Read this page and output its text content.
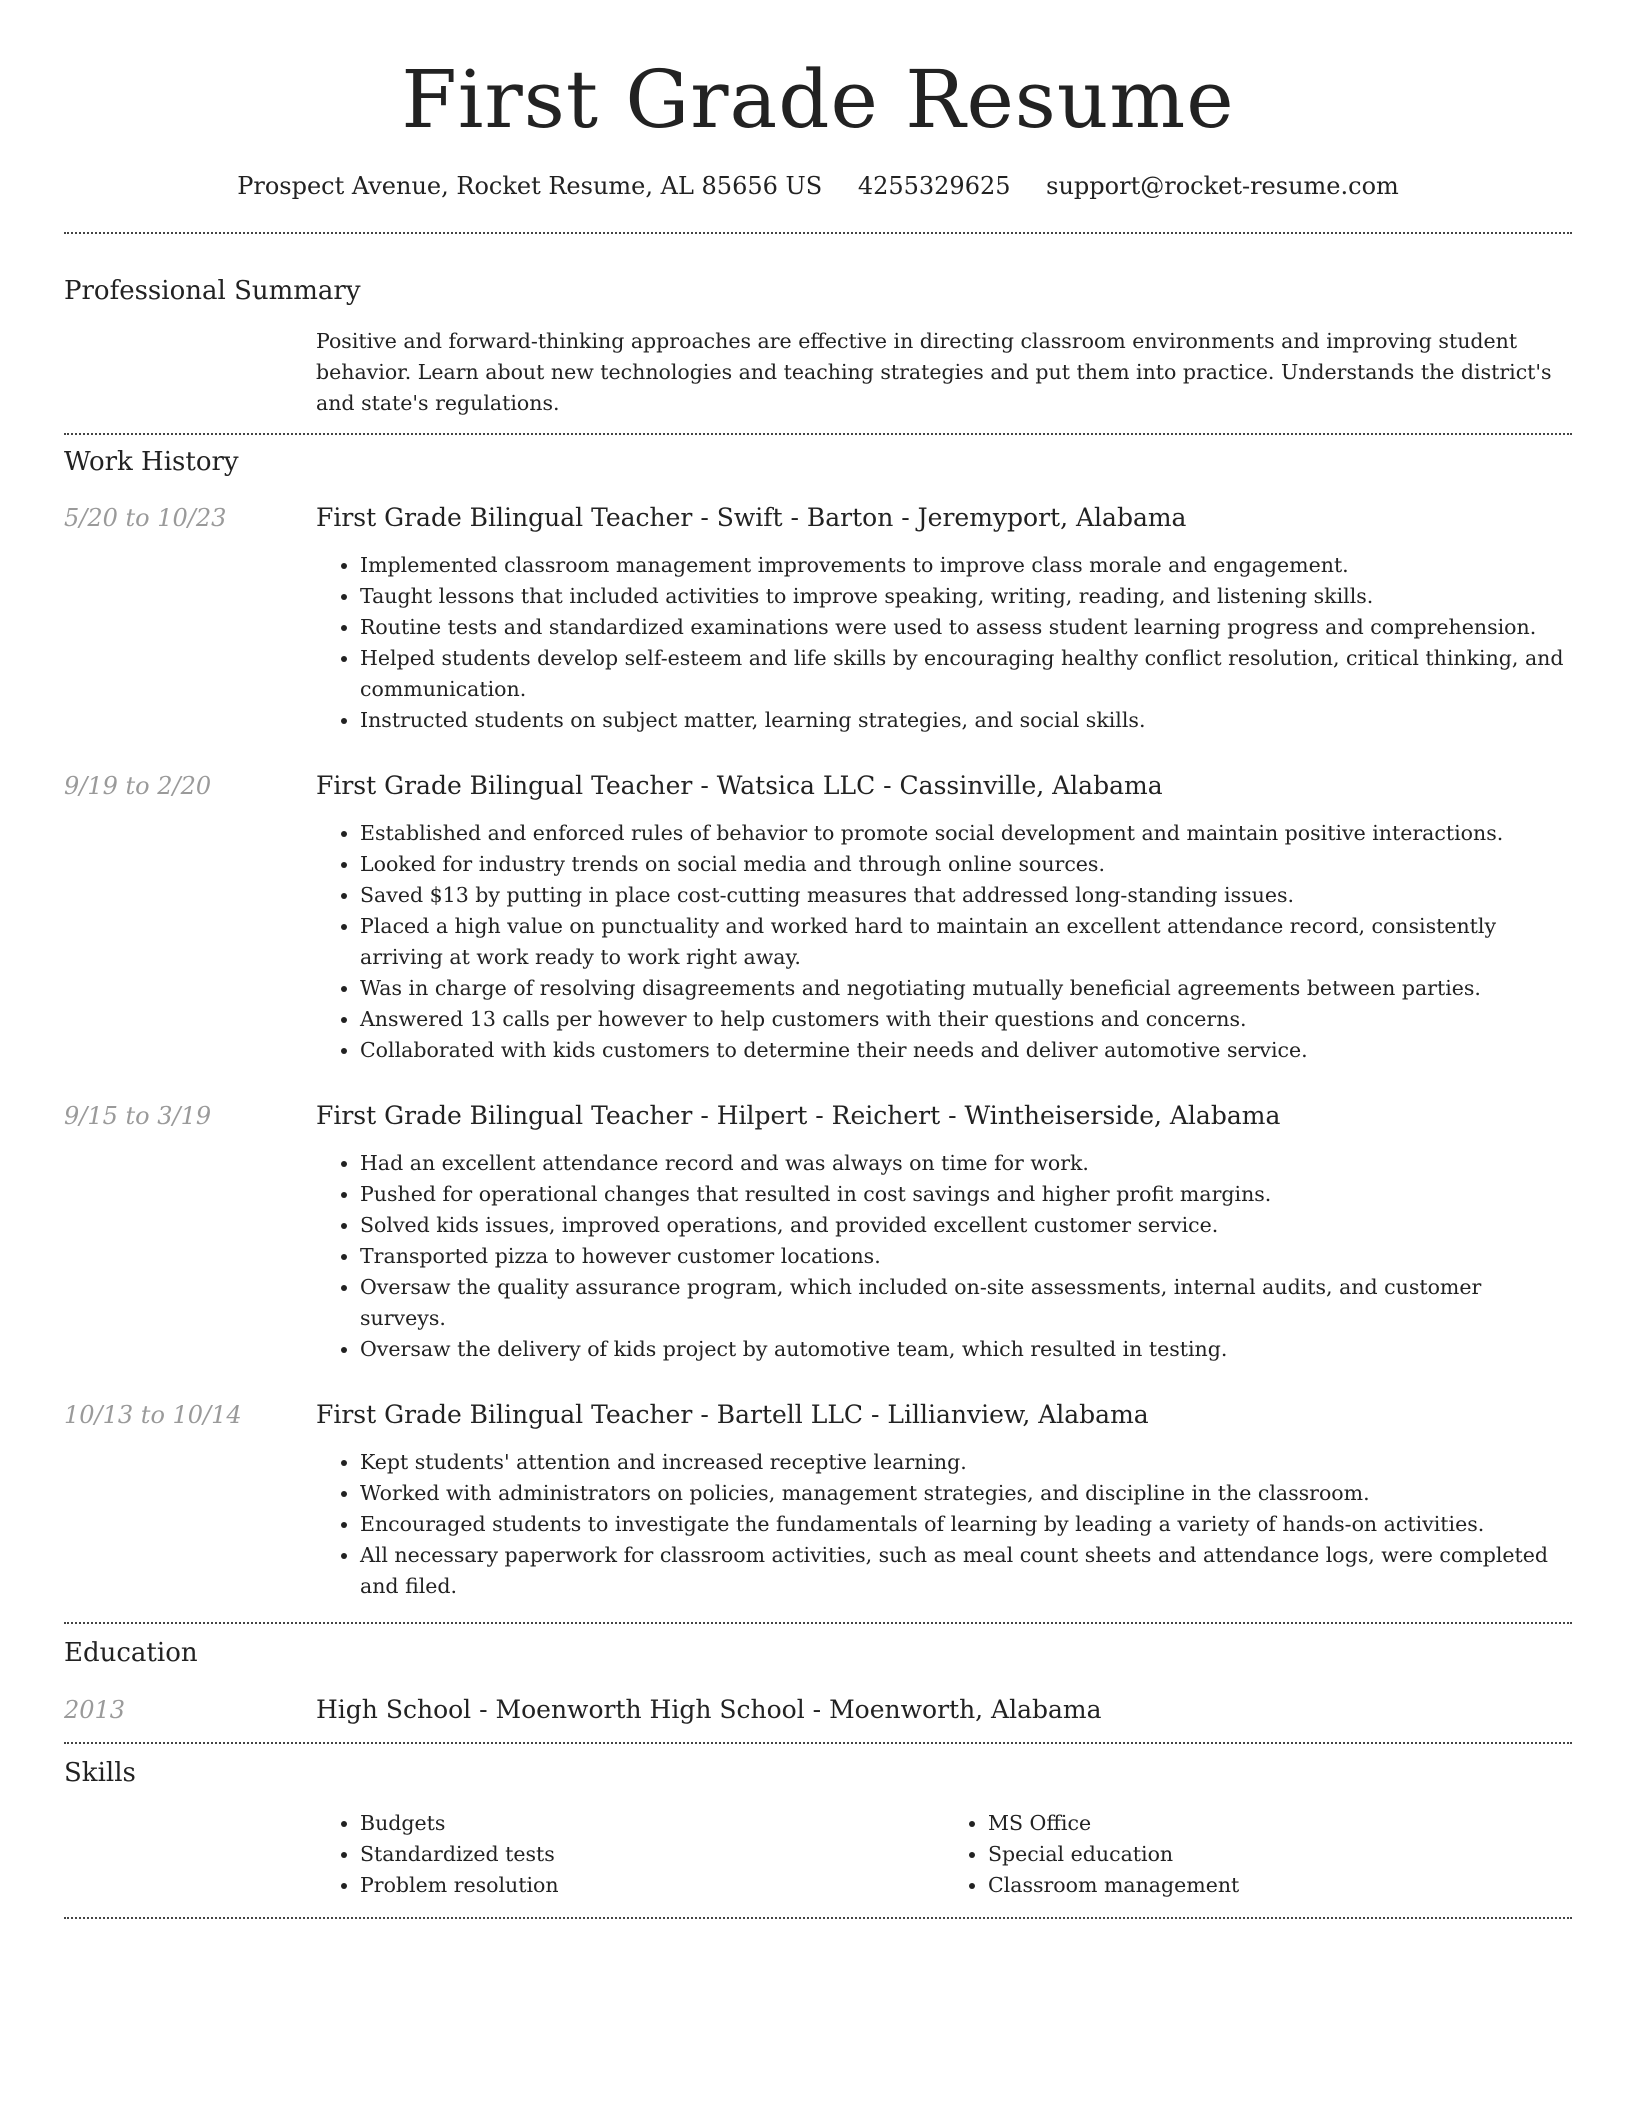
First Grade Resume
Prospect Avenue, Rocket Resume, AL 85656 US 4255329625 support@rocket-resume.com
Professional Summary
Positive and forward-thinking approaches are effective in directing classroom environments and improving student behavior. Learn about new technologies and teaching strategies and put them into practice. Understands the district's and state's regulations.
Work History
5/20 to 10/23	First Grade Bilingual Teacher - Swift - Barton - Jeremyport, Alabama
• Implemented classroom management improvements to improve class morale and engagement.
• Taught lessons that included activities to improve speaking, writing, reading, and listening skills.
• Routine tests and standardized examinations were used to assess student learning progress and comprehension.
• Helped students develop self-esteem and life skills by encouraging healthy conflict resolution, critical thinking, and communication.
• Instructed students on subject matter, learning strategies, and social skills.
9/19 to 2/20	First Grade Bilingual Teacher - Watsica LLC - Cassinville, Alabama
• Established and enforced rules of behavior to promote social development and maintain positive interactions.
• Looked for industry trends on social media and through online sources.
• Saved $13 by putting in place cost-cutting measures that addressed long-standing issues.
• Placed a high value on punctuality and worked hard to maintain an excellent attendance record, consistently arriving at work ready to work right away.
• Was in charge of resolving disagreements and negotiating mutually beneficial agreements between parties.
• Answered 13 calls per however to help customers with their questions and concerns.
• Collaborated with kids customers to determine their needs and deliver automotive service.
9/15 to 3/19	First Grade Bilingual Teacher - Hilpert - Reichert - Wintheiserside, Alabama
• Had an excellent attendance record and was always on time for work.
• Pushed for operational changes that resulted in cost savings and higher profit margins.
• Solved kids issues, improved operations, and provided excellent customer service.
• Transported pizza to however customer locations.
• Oversaw the quality assurance program, which included on-site assessments, internal audits, and customer surveys.
• Oversaw the delivery of kids project by automotive team, which resulted in testing.
10/13 to 10/14	First Grade Bilingual Teacher - Bartell LLC - Lillianview, Alabama
• Kept students' attention and increased receptive learning.
• Worked with administrators on policies, management strategies, and discipline in the classroom.
• Encouraged students to investigate the fundamentals of learning by leading a variety of hands-on activities.
• All necessary paperwork for classroom activities, such as meal count sheets and attendance logs, were completed and filed.
Education
2013	High School - Moenworth High School - Moenworth, Alabama
Skills
• Budgets
• Standardized tests
• Problem resolution
• MS Office
• Special education
• Classroom management
